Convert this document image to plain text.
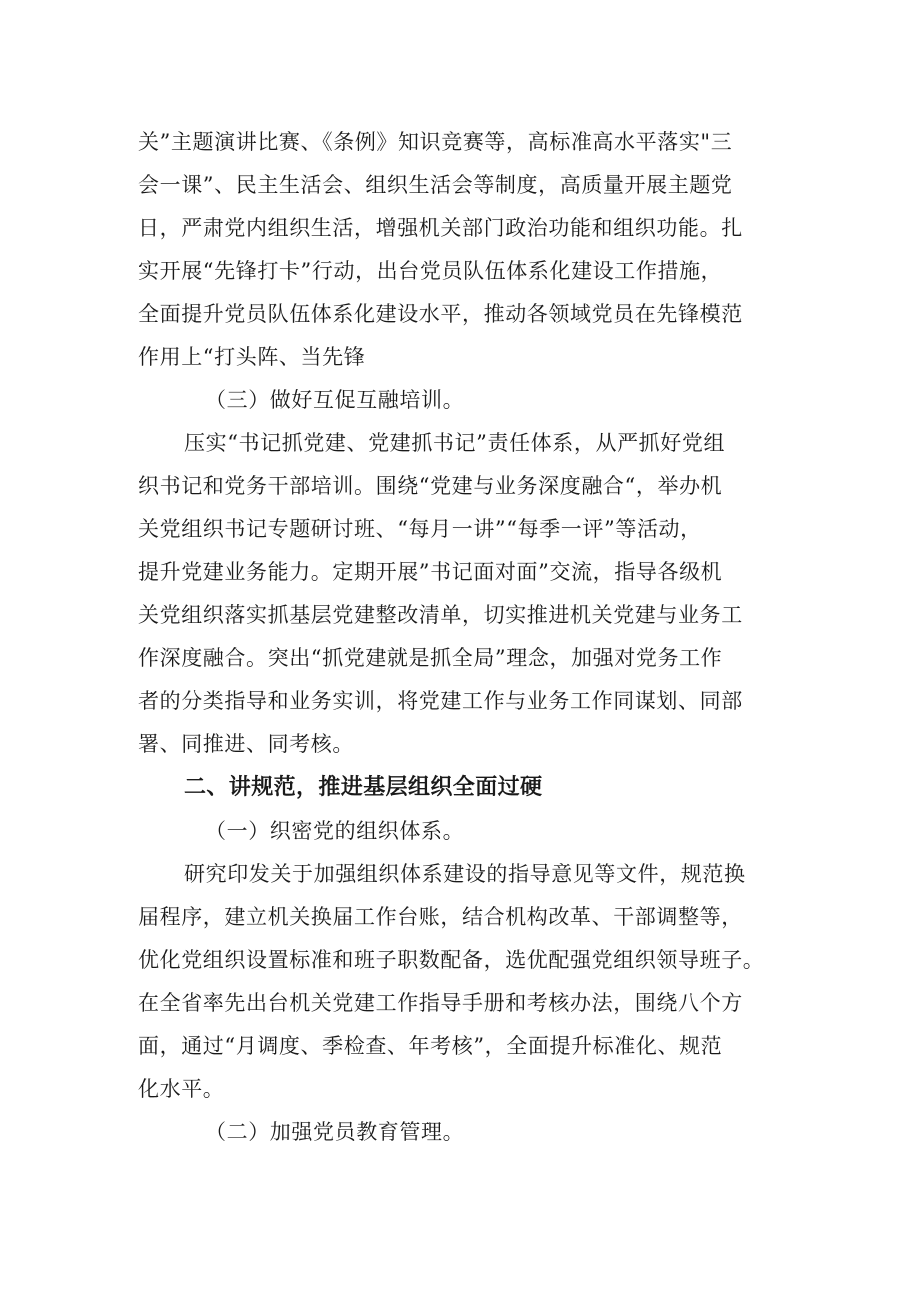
关”主题演讲比赛、《条例》知识竞赛等，高标准高水平落实"三

会一课”、民主生活会、组织生活会等制度，高质量开展主题党

日，严肃党内组织生活，增强机关部门政治功能和组织功能。扎

实开展“先锋打卡”行动，出台党员队伍体系化建设工作措施，

全面提升党员队伍体系化建设水平，推动各领域党员在先锋模范

作用上“打头阵、当先锋

（三）做好互促互融培训。

压实“书记抓党建、党建抓书记”责任体系，从严抓好党组

织书记和党务干部培训。围绕“党建与业务深度融合“，举办机

关党组织书记专题研讨班、“每月一讲”“每季一评”等活动，

提升党建业务能力。定期开展”书记面对面”交流，指导各级机

关党组织落实抓基层党建整改清单，切实推进机关党建与业务工

作深度融合。突出“抓党建就是抓全局”理念，加强对党务工作

者的分类指导和业务实训，将党建工作与业务工作同谋划、同部

署、同推进、同考核。

二、讲规范，推进基层组织全面过硬

（一）织密党的组织体系。

研究印发关于加强组织体系建设的指导意见等文件，规范换

届程序，建立机关换届工作台账，结合机构改革、干部调整等，

优化党组织设置标准和班子职数配备，选优配强党组织领导班子。

在全省率先出台机关党建工作指导手册和考核办法，围绕八个方

面，通过“月调度、季检查、年考核”，全面提升标准化、规范

化水平。

（二）加强党员教育管理。
